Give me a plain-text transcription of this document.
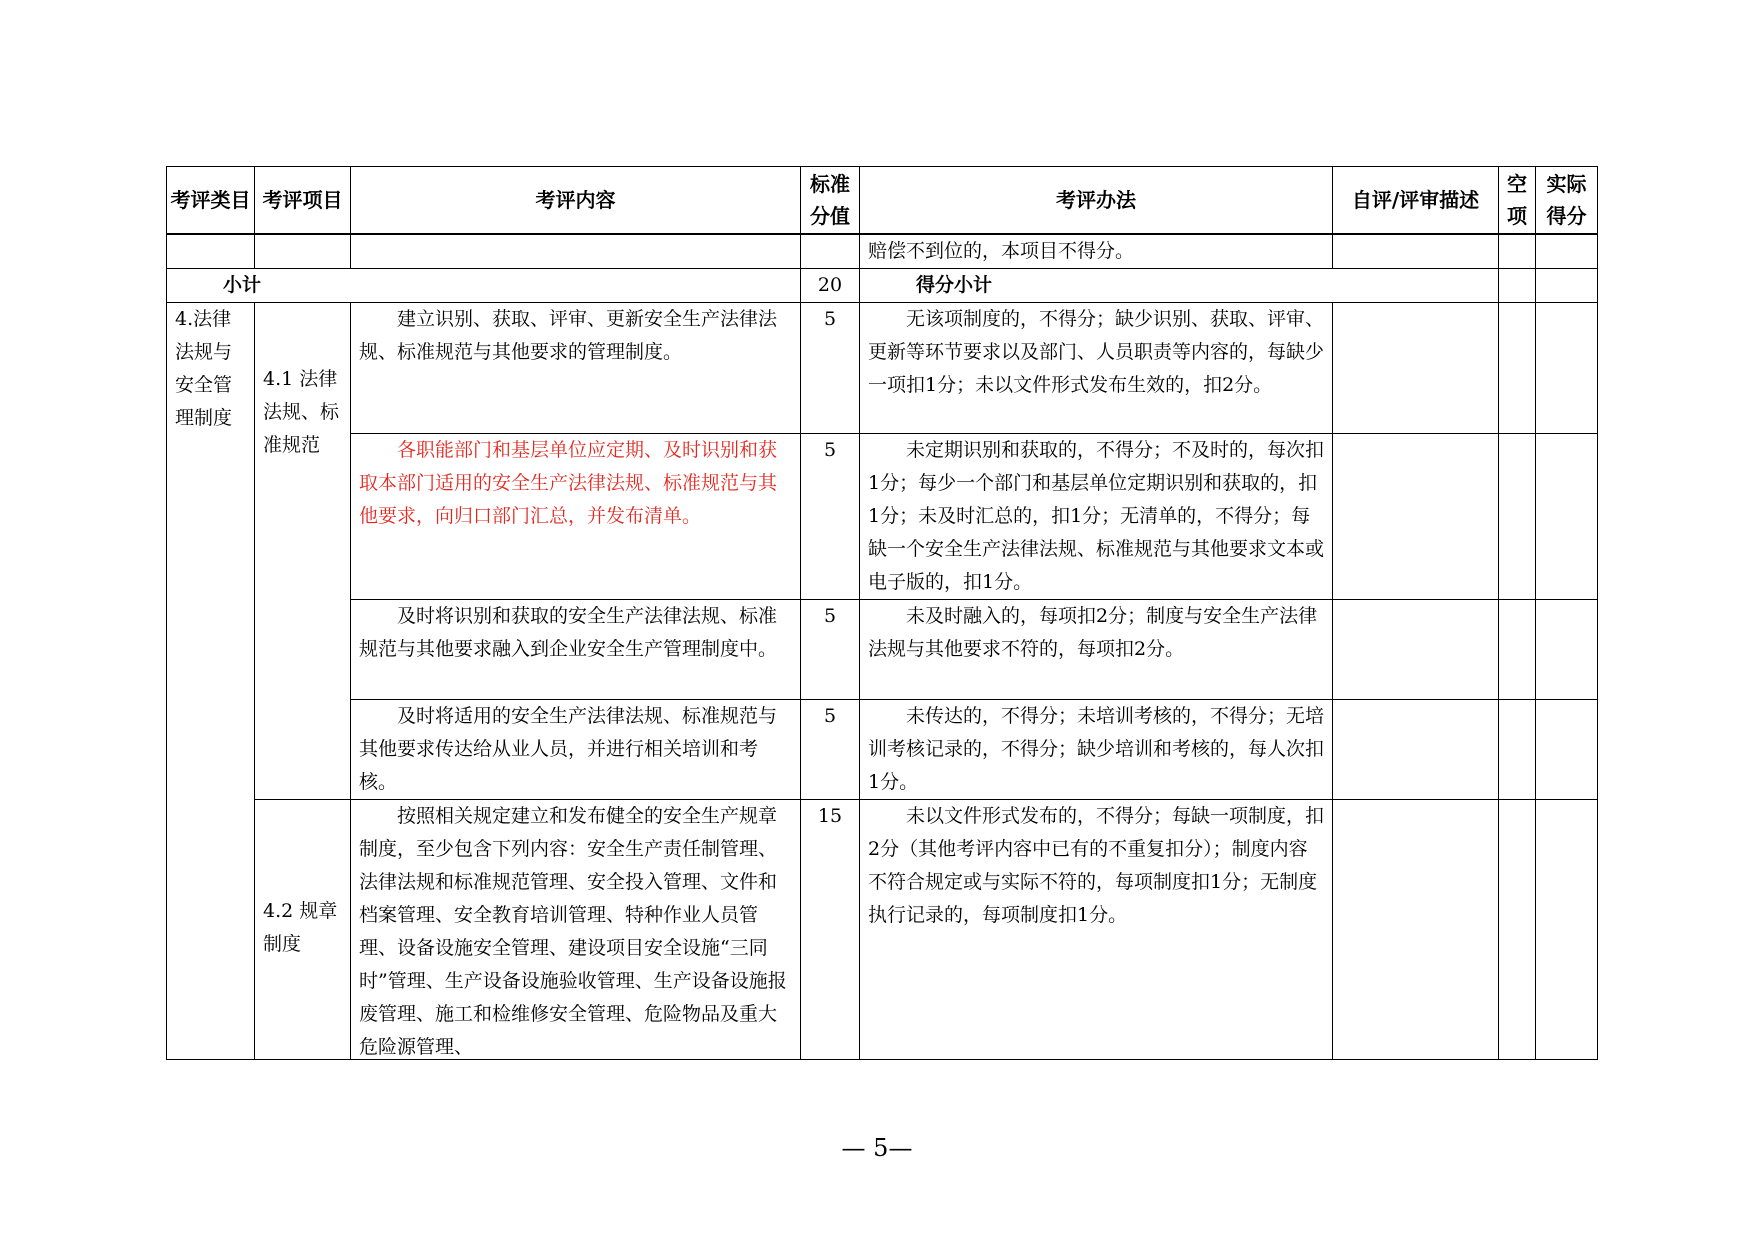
考评类目	考评项目	考评内容	标准分值	考评办法	自评/评审描述	空项	实际得分
				赔偿不到位的，本项目不得分。			
小计			20	得分小计			
4.法律法规与安全管理制度	4.1 法律法规、标准规范	建立识别、获取、评审、更新安全生产法律法规、标准规范与其他要求的管理制度。	5	无该项制度的，不得分；缺少识别、获取、评审、更新等环节要求以及部门、人员职责等内容的，每缺少一项扣1分；未以文件形式发布生效的，扣2分。			
		各职能部门和基层单位应定期、及时识别和获取本部门适用的安全生产法律法规、标准规范与其他要求，向归口部门汇总，并发布清单。	5	未定期识别和获取的，不得分；不及时的，每次扣1分；每少一个部门和基层单位定期识别和获取的，扣1分；未及时汇总的，扣1分；无清单的，不得分；每缺一个安全生产法律法规、标准规范与其他要求文本或电子版的，扣1分。			
		及时将识别和获取的安全生产法律法规、标准规范与其他要求融入到企业安全生产管理制度中。	5	未及时融入的，每项扣2分；制度与安全生产法律法规与其他要求不符的，每项扣2分。			
		及时将适用的安全生产法律法规、标准规范与其他要求传达给从业人员，并进行相关培训和考核。	5	未传达的，不得分；未培训考核的，不得分；无培训考核记录的，不得分；缺少培训和考核的，每人次扣1分。			
	4.2 规章制度	按照相关规定建立和发布健全的安全生产规章制度，至少包含下列内容：安全生产责任制管理、法律法规和标准规范管理、安全投入管理、文件和档案管理、安全教育培训管理、特种作业人员管理、设备设施安全管理、建设项目安全设施“三同时”管理、生产设备设施验收管理、生产设备设施报废管理、施工和检维修安全管理、危险物品及重大危险源管理、	15	未以文件形式发布的，不得分；每缺一项制度，扣2分（其他考评内容中已有的不重复扣分）；制度内容不符合规定或与实际不符的，每项制度扣1分；无制度执行记录的，每项制度扣1分。			
— 5—
